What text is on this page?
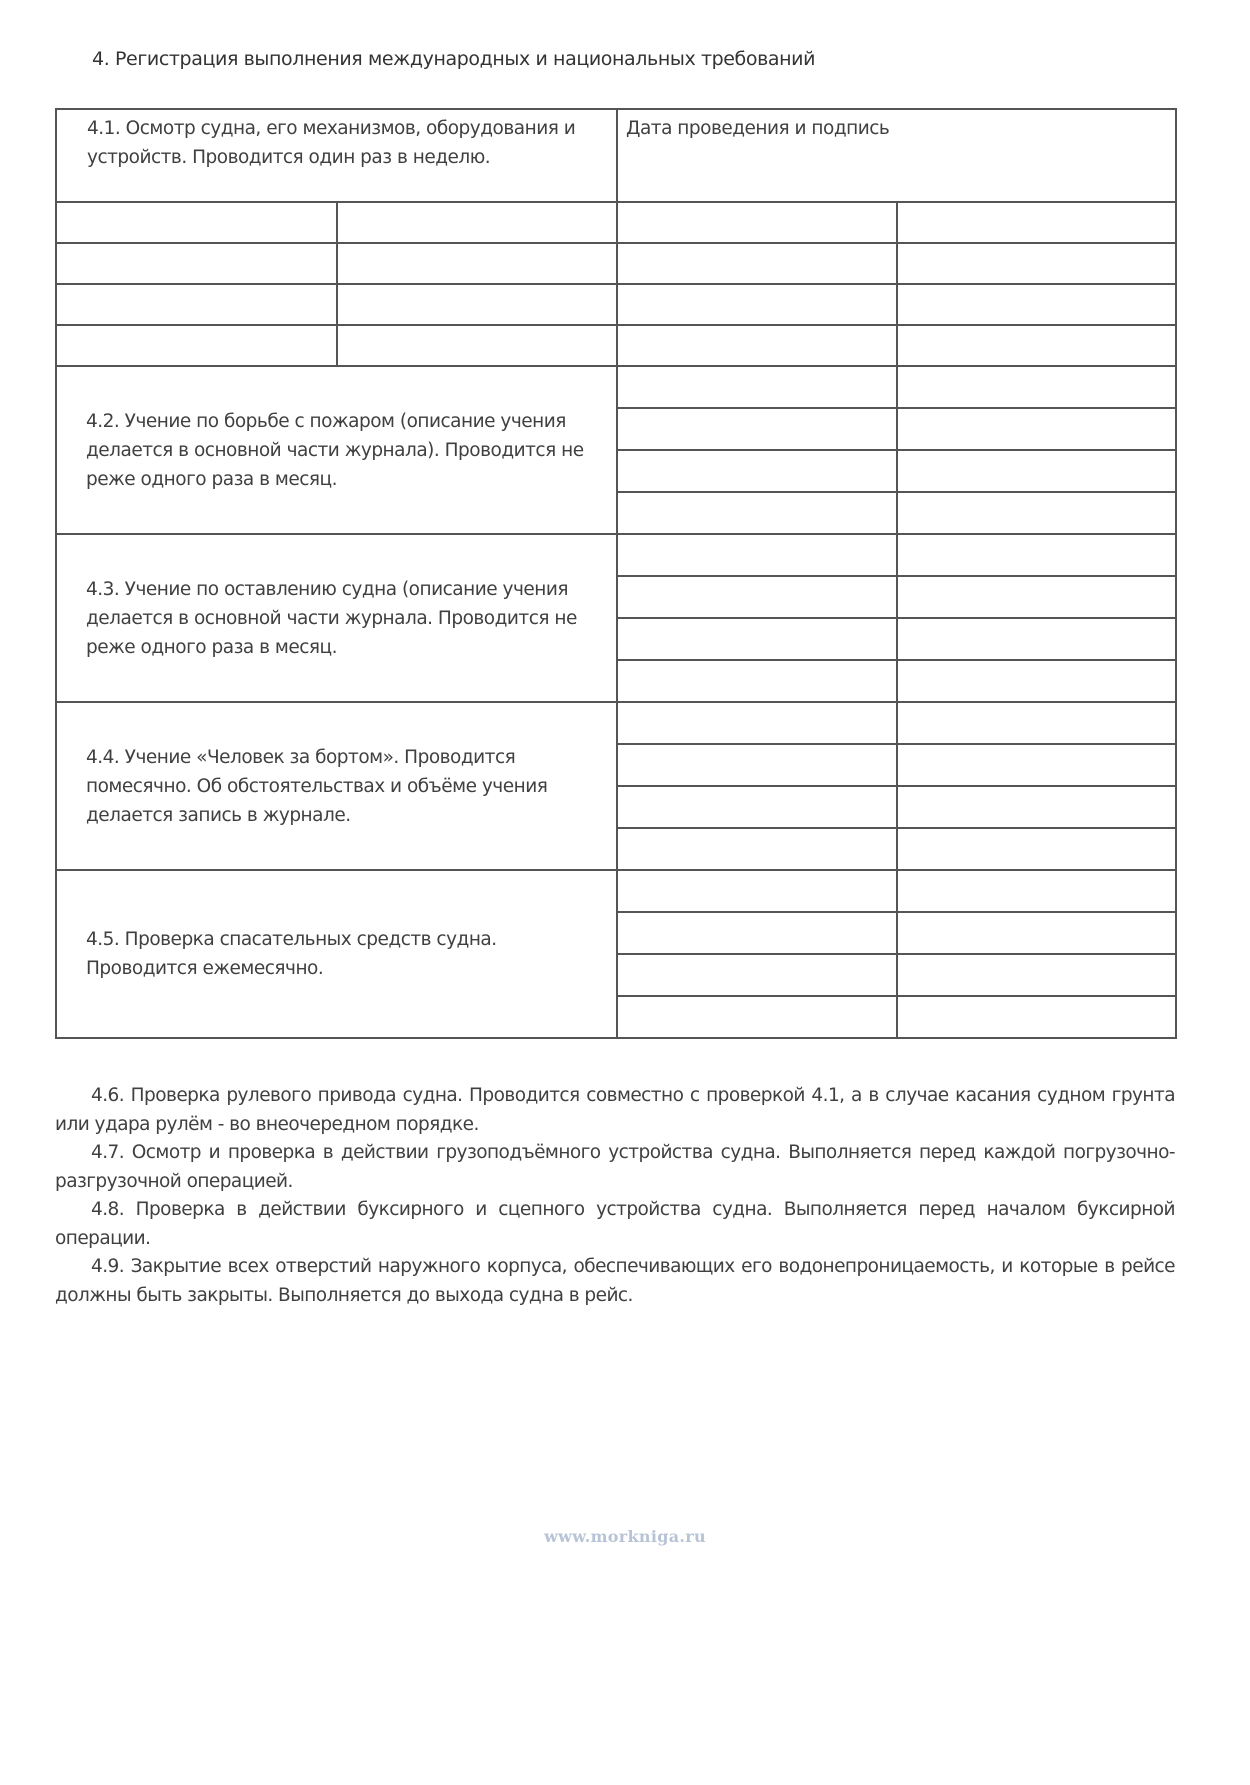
4. Регистрация выполнения международных и национальных требований
4.1. Осмотр судна, его механизмов, оборудования и устройств. Проводится один раз в неделю.		Дата проведения и подпись	

4.2. Учение по борьбе с пожаром (описание учения делается в основной части журнала). Проводится не реже одного раза в месяц.			

4.3. Учение по оставлению судна (описание учения делается в основной части журнала. Проводится не реже одного раза в месяц.			

4.4. Учение «Человек за бортом». Проводится помесячно. Об обстоятельствах и объёме учения делается запись в журнале.			

4.5. Проверка спасательных средств судна. Проводится ежемесячно.			

4.6. Проверка рулевого привода судна. Проводится совместно с проверкой 4.1, а в случае касания судном грунта или удара рулём - во внеочередном порядке.

4.7. Осмотр и проверка в действии грузоподъёмного устройства судна. Выполняется перед каждой погрузочно-разгрузочной операцией.

4.8. Проверка в действии буксирного и сцепного устройства судна. Выполняется перед началом буксирной операции.

4.9. Закрытие всех отверстий наружного корпуса, обеспечивающих его водонепроницаемость, и которые в рейсе должны быть закрыты. Выполняется до выхода судна в рейс.

www.morkniga.ru
